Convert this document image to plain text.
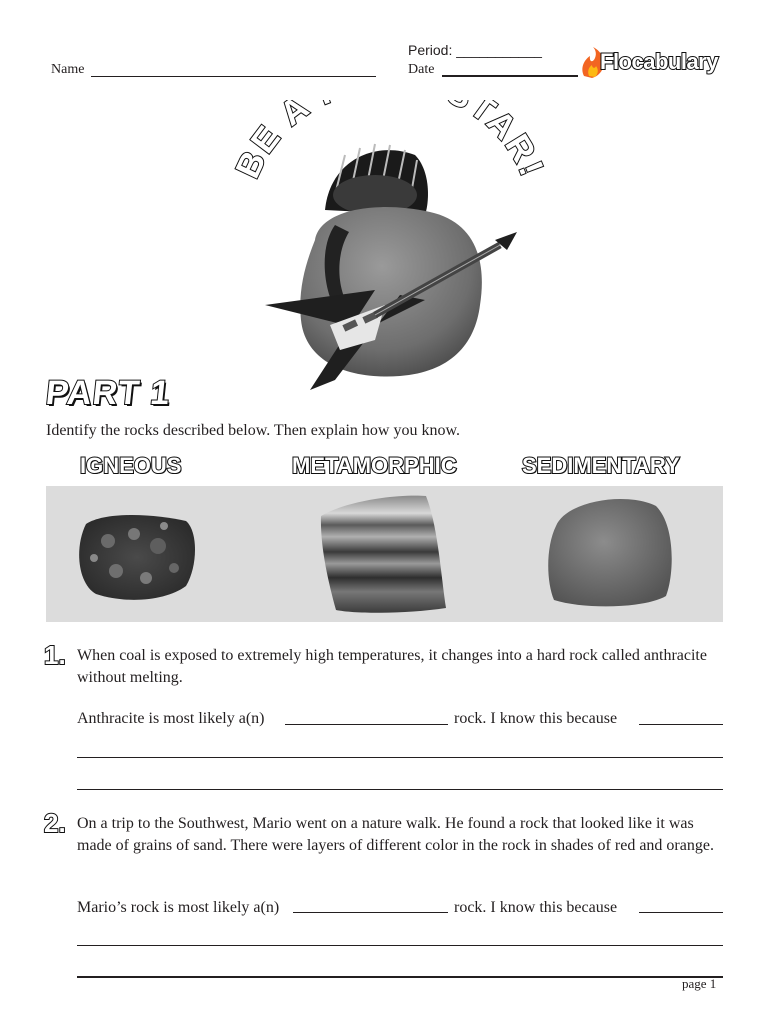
Name
Period: ___________
Date	Flocabulary
BE A TAR!
PART 1
Identify the rocks described below. Then explain how you know.
IGNEOUS	METAMORPHIC	SEDIMENTARY
1. When coal is exposed to extremely high temperatures, it changes into a hard rock called anthracite without melting.
Anthracite is most likely a(n)	rock. I know this because
2. On a trip to the Southwest, Mario went on a nature walk. He found a rock that looked like it was made of grains of sand. There were layers of different color in the rock in shades of red and orange.
Mario’s rock is most likely a(n)	rock. I know this because
page 1
